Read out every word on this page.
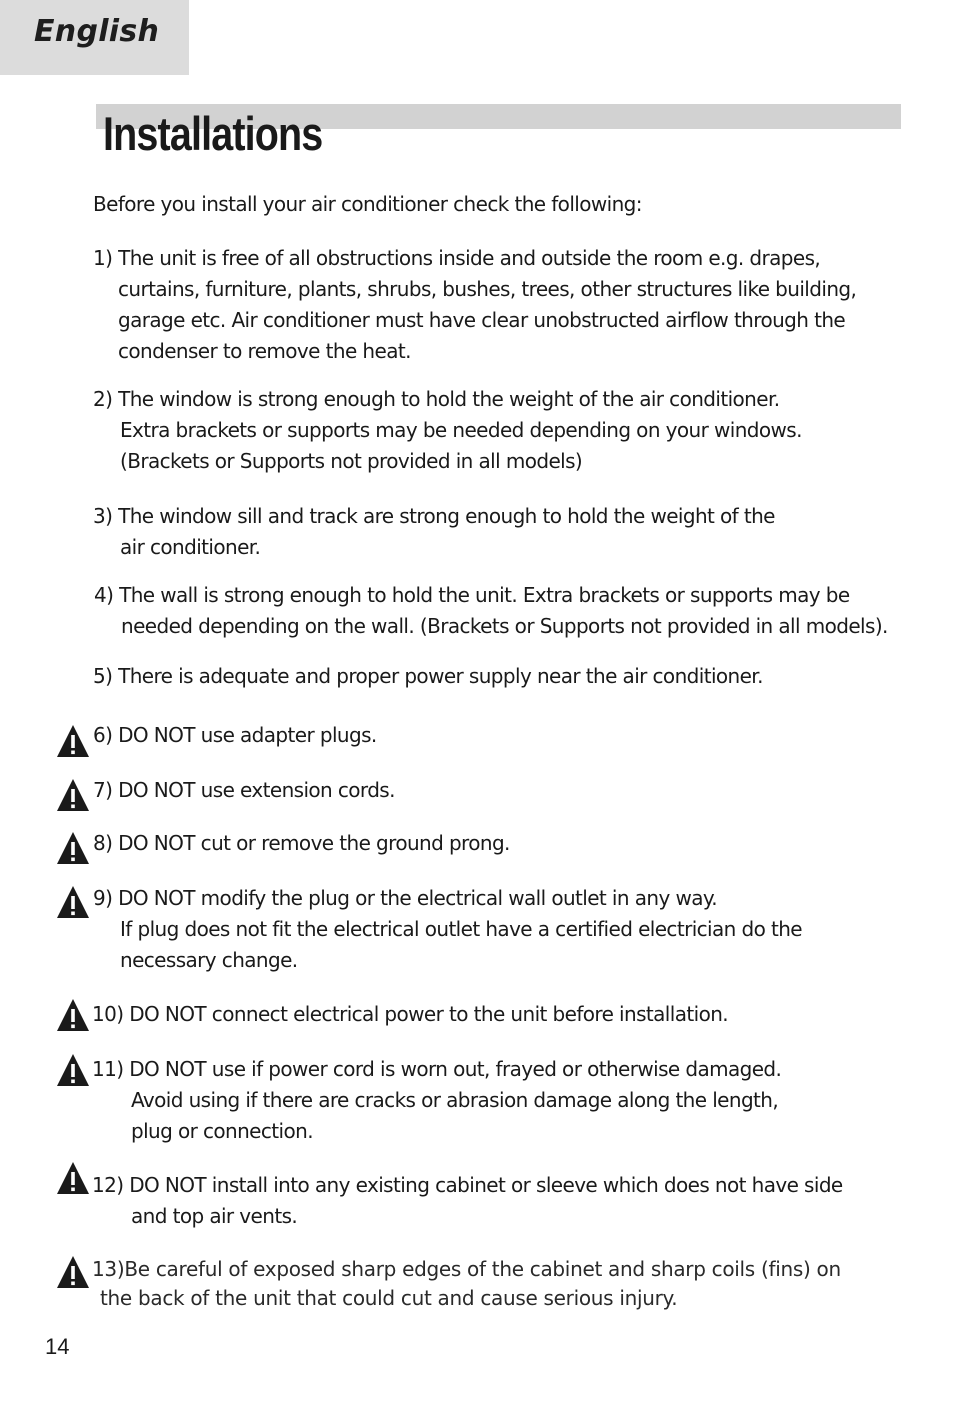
English
Installations
Before you install your air conditioner check the following:
1) The unit is free of all obstructions inside and outside the room e.g. drapes,
curtains, furniture, plants, shrubs, bushes, trees, other structures like building,
garage etc. Air conditioner must have clear unobstructed airflow through the
condenser to remove the heat.
2) The window is strong enough to hold the weight of the air conditioner.
Extra brackets or supports may be needed depending on your windows.
(Brackets or Supports not provided in all models)
3) The window sill and track are strong enough to hold the weight of the
air conditioner.
4) The wall is strong enough to hold the unit. Extra brackets or supports may be
needed depending on the wall. (Brackets or Supports not provided in all models).
5) There is adequate and proper power supply near the air conditioner.
6) DO NOT use adapter plugs.
7) DO NOT use extension cords.
8) DO NOT cut or remove the ground prong.
9) DO NOT modify the plug or the electrical wall outlet in any way.
If plug does not fit the electrical outlet have a certified electrician do the
necessary change.
10) DO NOT connect electrical power to the unit before installation.
11) DO NOT use if power cord is worn out, frayed or otherwise damaged.
Avoid using if there are cracks or abrasion damage along the length,
plug or connection.
12) DO NOT install into any existing cabinet or sleeve which does not have side
and top air vents.
13)Be careful of exposed sharp edges of the cabinet and sharp coils (fins) on
the back of the unit that could cut and cause serious injury.
14
